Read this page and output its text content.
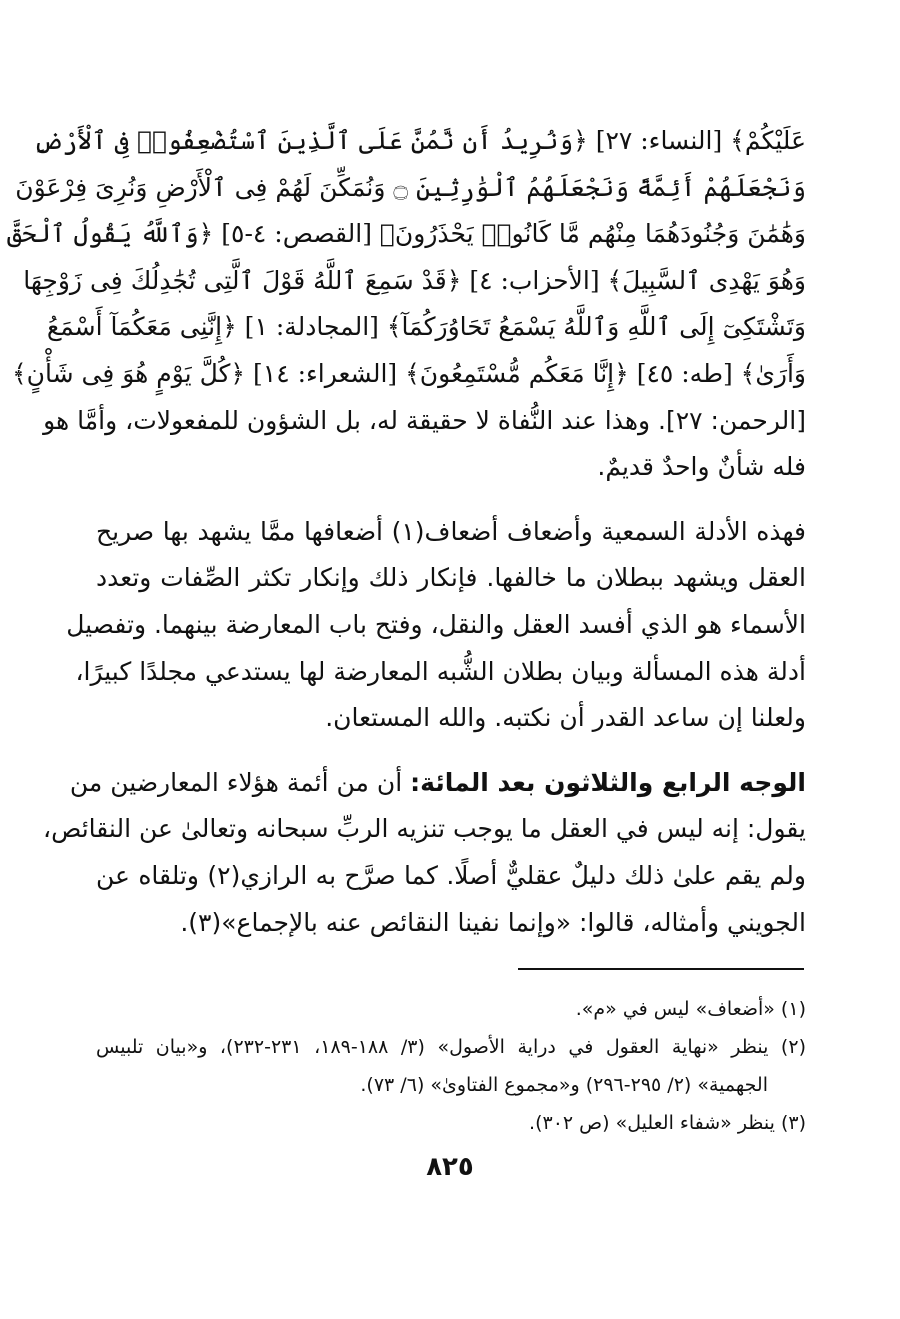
عَلَيْكُمْ﴾ [النساء: ٢٧] ﴿وَنُرِيدُ أَن نَّمُنَّ عَلَى ٱلَّذِينَ ٱسْتُضْعِفُوا۟ فِى ٱلْأَرْضِ
وَنَجْعَلَهُمْ أَئِمَّةً وَنَجْعَلَهُمُ ٱلْوَٰرِثِينَ ۝ وَنُمَكِّنَ لَهُمْ فِى ٱلْأَرْضِ وَنُرِىَ فِرْعَوْنَ
وَهَٰمَٰنَ وَجُنُودَهُمَا مِنْهُم مَّا كَانُوا۟ يَحْذَرُونَ﴾ [القصص: ٤-٥] ﴿وَٱللَّهُ يَقُولُ ٱلْحَقَّ
وَهُوَ يَهْدِى ٱلسَّبِيلَ﴾ [الأحزاب: ٤] ﴿قَدْ سَمِعَ ٱللَّهُ قَوْلَ ٱلَّتِى تُجَٰدِلُكَ فِى زَوْجِهَا
وَتَشْتَكِىٓ إِلَى ٱللَّهِ وَٱللَّهُ يَسْمَعُ تَحَاوُرَكُمَآ﴾ [المجادلة: ١] ﴿إِنَّنِى مَعَكُمَآ أَسْمَعُ
وَأَرَىٰ﴾ [طه: ٤٥] ﴿إِنَّا مَعَكُم مُّسْتَمِعُونَ﴾ [الشعراء: ١٤] ﴿كُلَّ يَوْمٍ هُوَ فِى شَأْنٍ﴾
[الرحمن: ٢٧]. وهذا عند النُّفاة لا حقيقة له، بل الشؤون للمفعولات، وأمَّا هو
فله شأنٌ واحدٌ قديمٌ.
فهذه الأدلة السمعية وأضعاف أضعاف(١) أضعافها ممَّا يشهد بها صريح
العقل ويشهد ببطلان ما خالفها. فإنكار ذلك وإنكار تكثر الصِّفات وتعدد
الأسماء هو الذي أفسد العقل والنقل، وفتح باب المعارضة بينهما. وتفصيل
أدلة هذه المسألة وبيان بطلان الشُّبه المعارضة لها يستدعي مجلدًا كبيرًا،
ولعلنا إن ساعد القدر أن نكتبه. والله المستعان.
الوجه الرابع والثلاثون بعد المائة: أن من أئمة هؤلاء المعارضين من
يقول: إنه ليس في العقل ما يوجب تنزيه الربِّ سبحانه وتعالىٰ عن النقائص،
ولم يقم علىٰ ذلك دليلٌ عقليٌّ أصلًا. كما صرَّح به الرازي(٢) وتلقاه عن
الجويني وأمثاله، قالوا: «وإنما نفينا النقائص عنه بالإجماع»(٣).
(١) «أضعاف» ليس في «م».
(٢) ينظر «نهاية العقول في دراية الأصول» (٣/ ١٨٨-١٨٩، ٢٣١-٢٣٢)، و«بيان تلبيس
الجهمية» (٢/ ٢٩٥-٢٩٦) و«مجموع الفتاوىٰ» (٦/ ٧٣).
(٣) ينظر «شفاء العليل» (ص ٣٠٢).
٨٢٥
